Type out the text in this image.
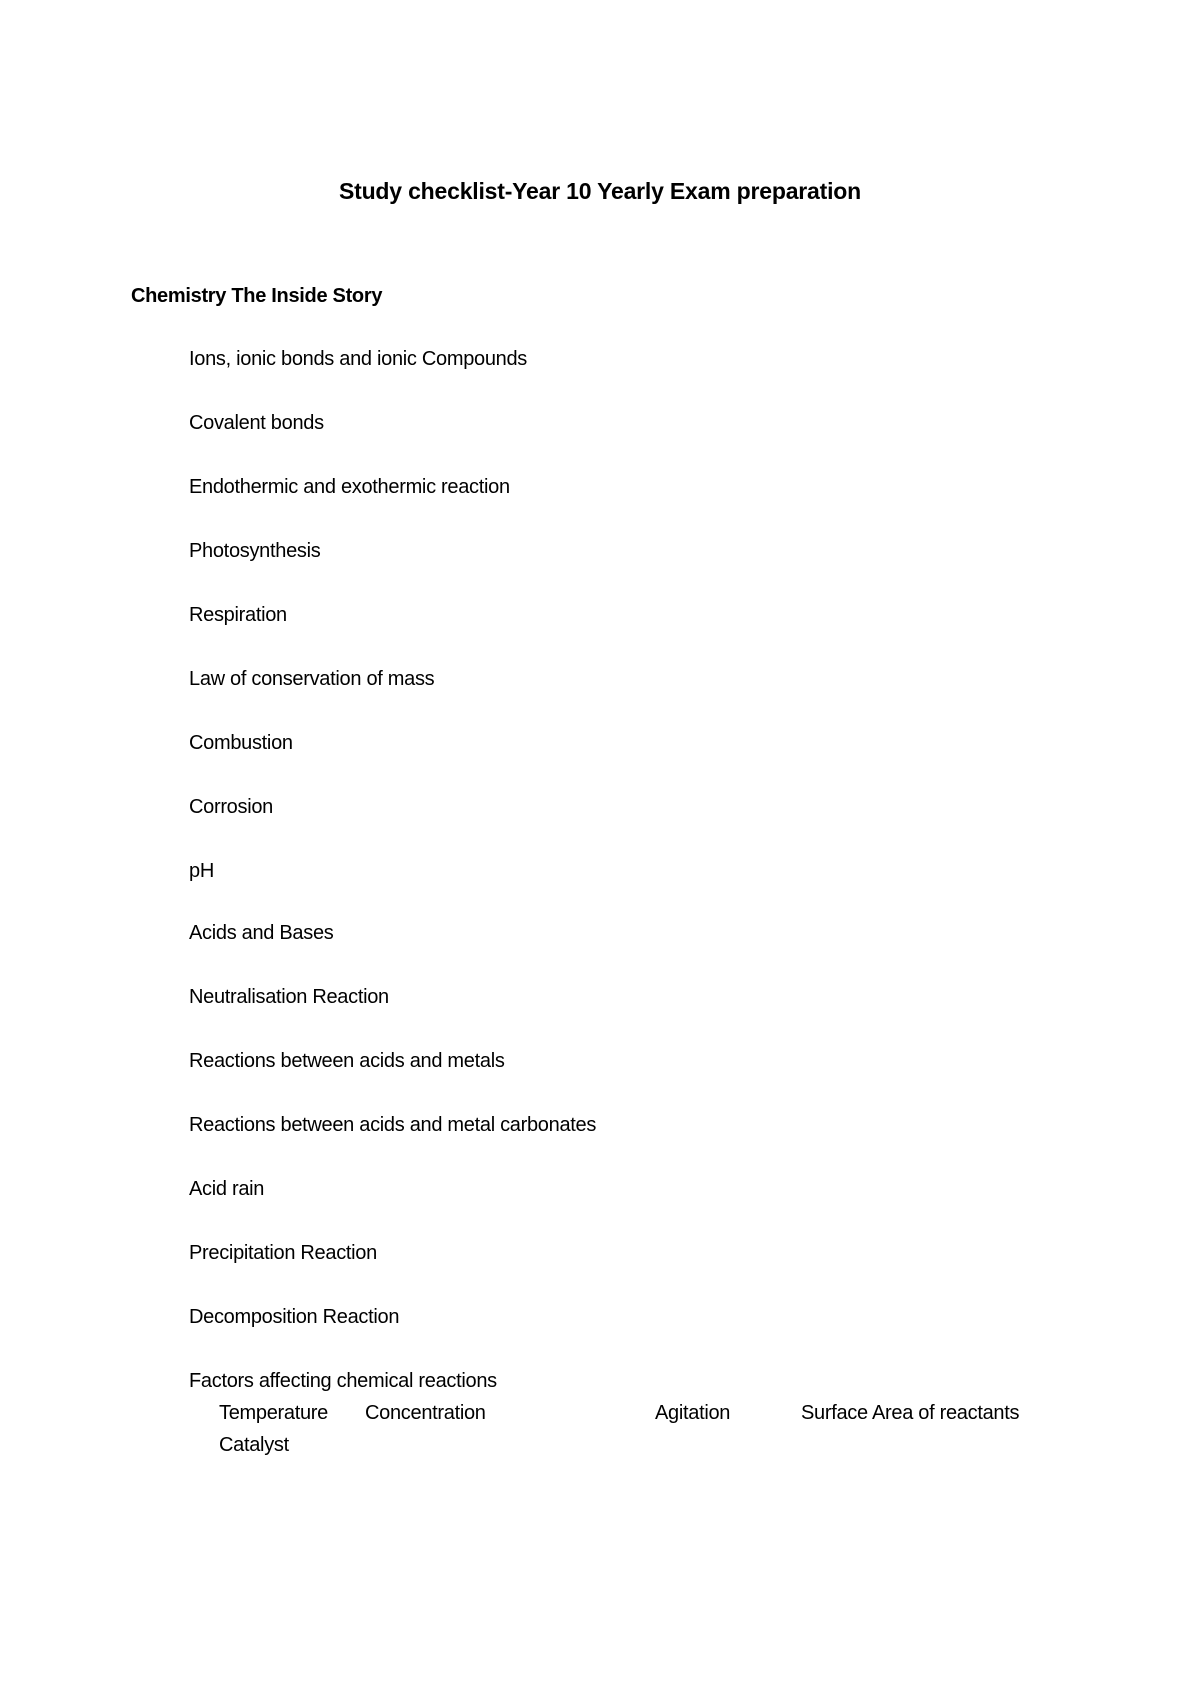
Study checklist-Year 10 Yearly Exam preparation
Chemistry The Inside Story
Ions, ionic bonds and ionic Compounds
Covalent bonds
Endothermic and exothermic reaction
Photosynthesis
Respiration
Law of conservation of mass
Combustion
Corrosion
pH
Acids and Bases
Neutralisation Reaction
Reactions between acids and metals
Reactions between acids and metal carbonates
Acid rain
Precipitation Reaction
Decomposition Reaction
Factors affecting chemical reactions
Temperature Concentration	Agitation	Surface Area of reactants
Catalyst
